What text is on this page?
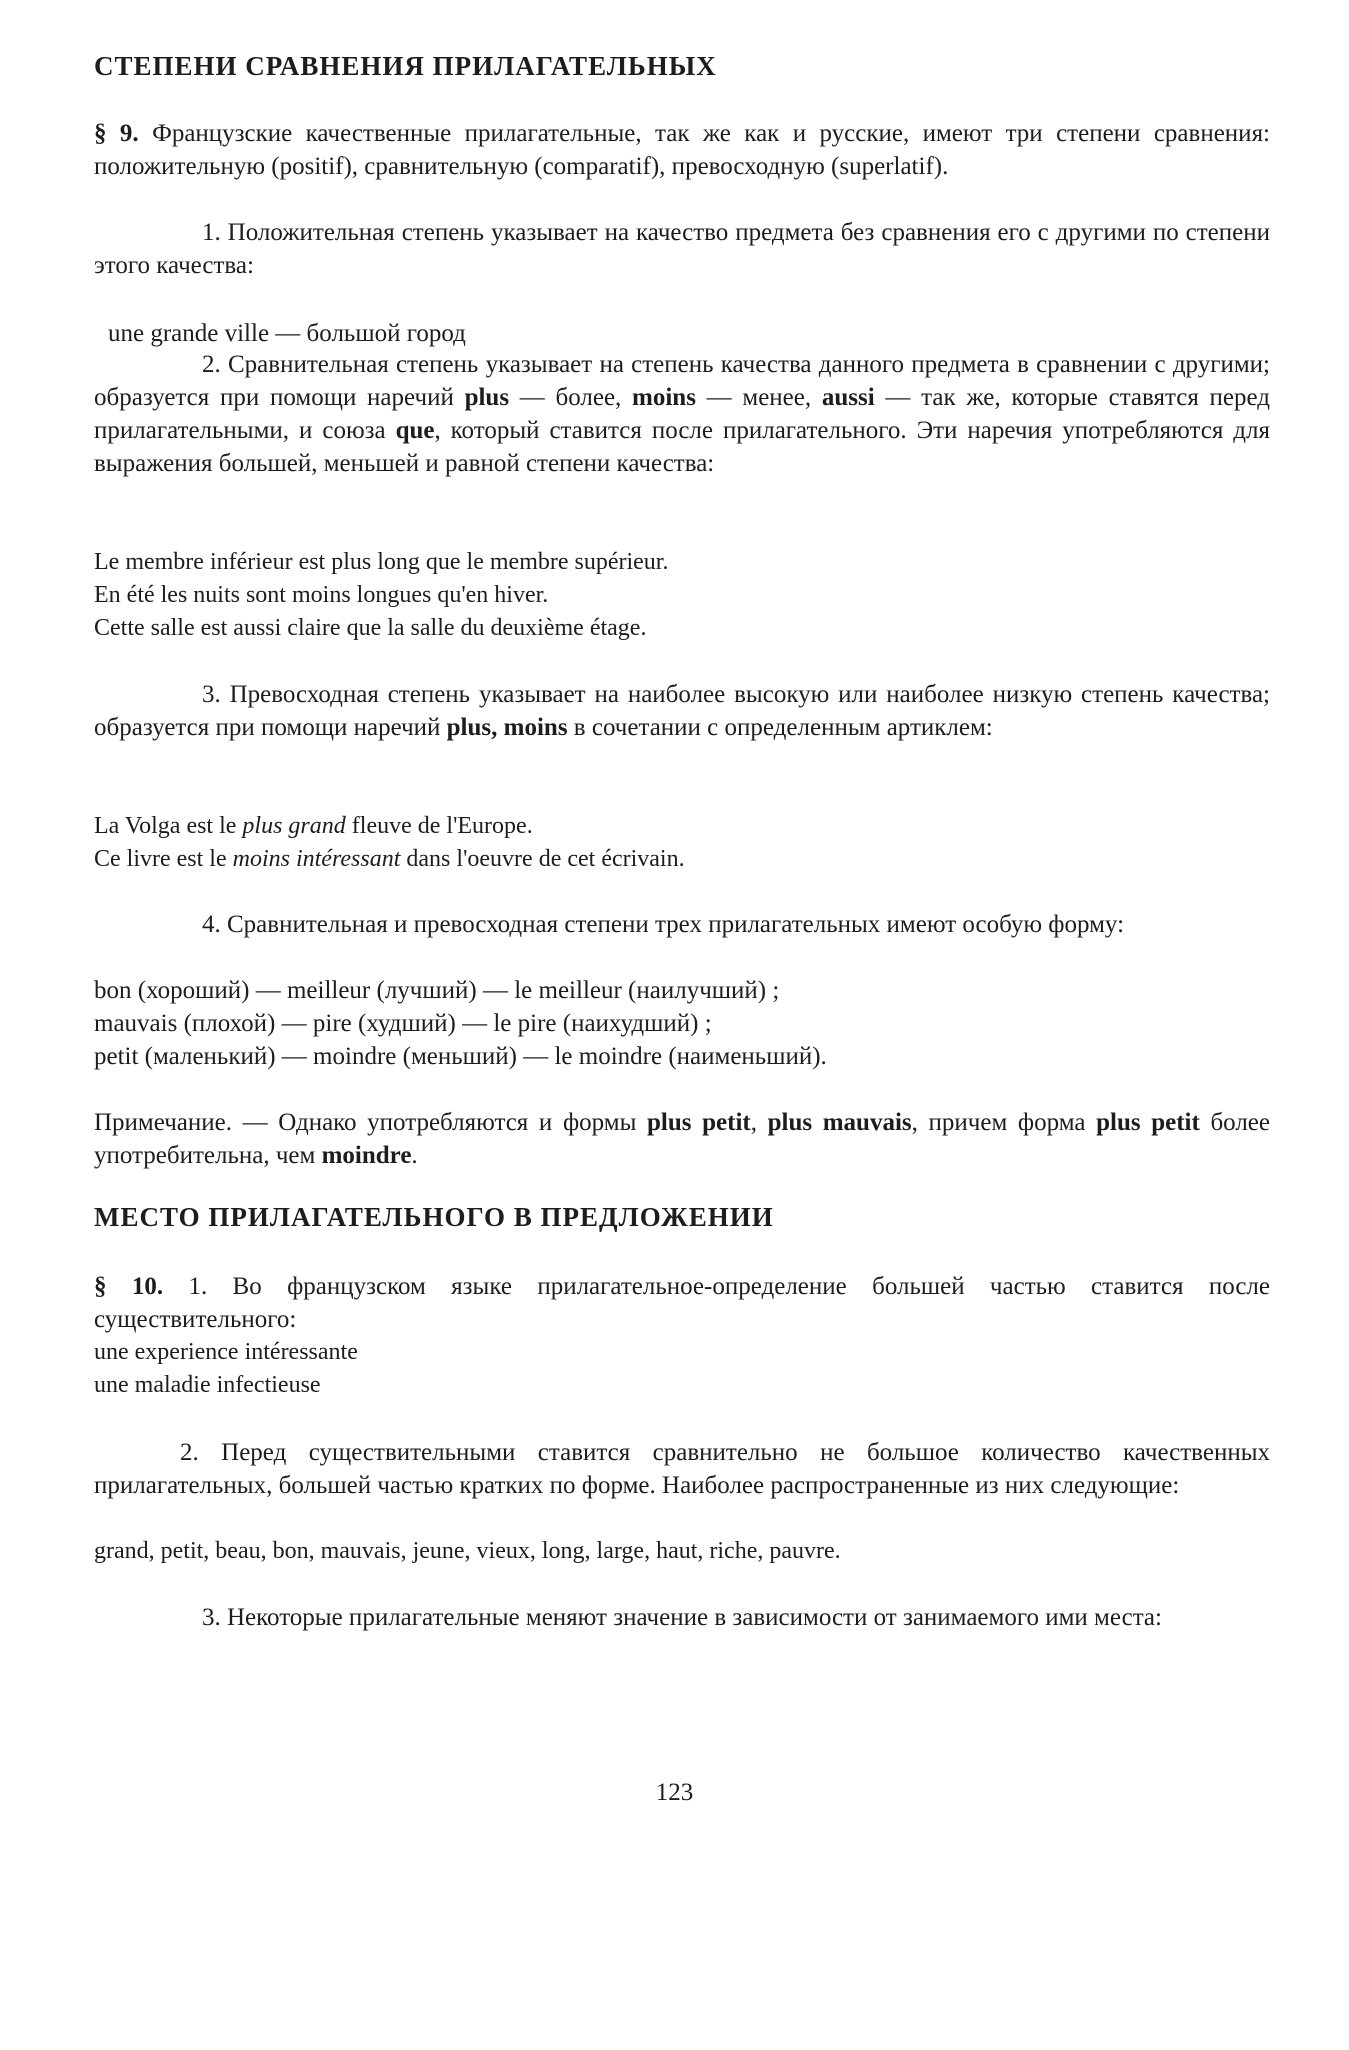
СТЕПЕНИ СРАВНЕНИЯ ПРИЛАГАТЕЛЬНЫХ

§ 9. Французские качественные прилагательные, так же как и русские, имеют три степени сравнения: положительную (positif), сравнительную (comparatif), превосходную (superlatif).

1. Положительная степень указывает на качество предмета без сравнения его с другими по степени этого качества:

une grande ville — большой город

2. Сравнительная степень указывает на степень качества данного предмета в сравнении с другими; образуется при помощи наречий plus — более, moins — менее, aussi — так же, которые ставятся перед прилагательными, и союза que, который ставится после прилагательного. Эти наречия употребляются для выражения большей, меньшей и равной степени качества:

Le membre inférieur est plus long que le membre supérieur.
En été les nuits sont moins longues qu'en hiver.
Cette salle est aussi claire que la salle du deuxième étage.

3. Превосходная степень указывает на наиболее высокую или наиболее низкую степень качества; образуется при помощи наречий plus, moins в сочетании с определенным артиклем:

La Volga est le plus grand fleuve de l'Europe.
Ce livre est le moins intéressant dans l'oeuvre de cet écrivain.

4. Сравнительная и превосходная степени трех прилагательных имеют особую форму:

bon (хороший) — meilleur (лучший) — le meilleur (наилучший) ;
mauvais (плохой) — pire (худший) — le pire (наихудший) ;
petit (маленький) — moindre (меньший) — le moindre (наименьший).

Примечание. — Однако употребляются и формы plus petit, plus mauvais, причем форма plus petit более употребительна, чем moindre.

МЕСТО ПРИЛАГАТЕЛЬНОГО В ПРЕДЛОЖЕНИИ

§ 10. 1. Во французском языке прилагательное-определение большей частью ставится после существительного:

une experience intéressante
une maladie infectieuse

2. Перед существительными ставится сравнительно не большое количество качественных прилагательных, большей частью кратких по форме. Наиболее распространенные из них следующие:

grand, petit, beau, bon, mauvais, jeune, vieux, long, large, haut, riche, pauvre.

3. Некоторые прилагательные меняют значение в зависимости от занимаемого ими места:

123
